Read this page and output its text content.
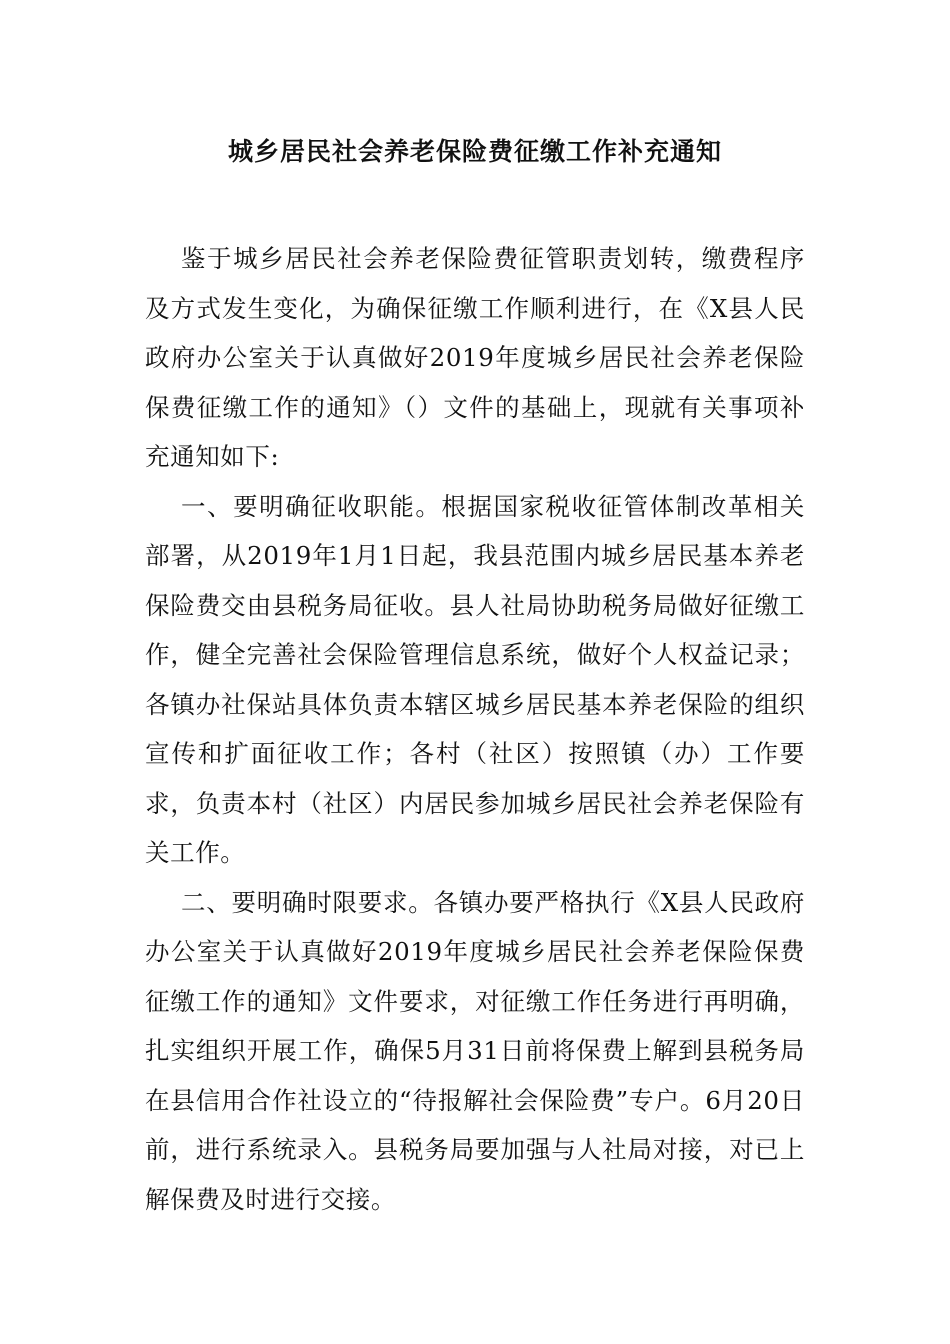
城乡居民社会养老保险费征缴工作补充通知

鉴于城乡居民社会养老保险费征管职责划转，缴费程序及方式发生变化，为确保征缴工作顺利进行，在《X县人民政府办公室关于认真做好2019年度城乡居民社会养老保险保费征缴工作的通知》（）文件的基础上，现就有关事项补充通知如下:

一、要明确征收职能。根据国家税收征管体制改革相关部署，从2019年1月1日起，我县范围内城乡居民基本养老保险费交由县税务局征收。县人社局协助税务局做好征缴工作，健全完善社会保险管理信息系统，做好个人权益记录；各镇办社保站具体负责本辖区城乡居民基本养老保险的组织宣传和扩面征收工作；各村（社区）按照镇（办）工作要求，负责本村（社区）内居民参加城乡居民社会养老保险有关工作。

二、要明确时限要求。各镇办要严格执行《X县人民政府办公室关于认真做好2019年度城乡居民社会养老保险保费征缴工作的通知》文件要求，对征缴工作任务进行再明确，扎实组织开展工作，确保5月31日前将保费上解到县税务局在县信用合作社设立的“待报解社会保险费”专户。6月20日前，进行系统录入。县税务局要加强与人社局对接，对已上解保费及时进行交接。
